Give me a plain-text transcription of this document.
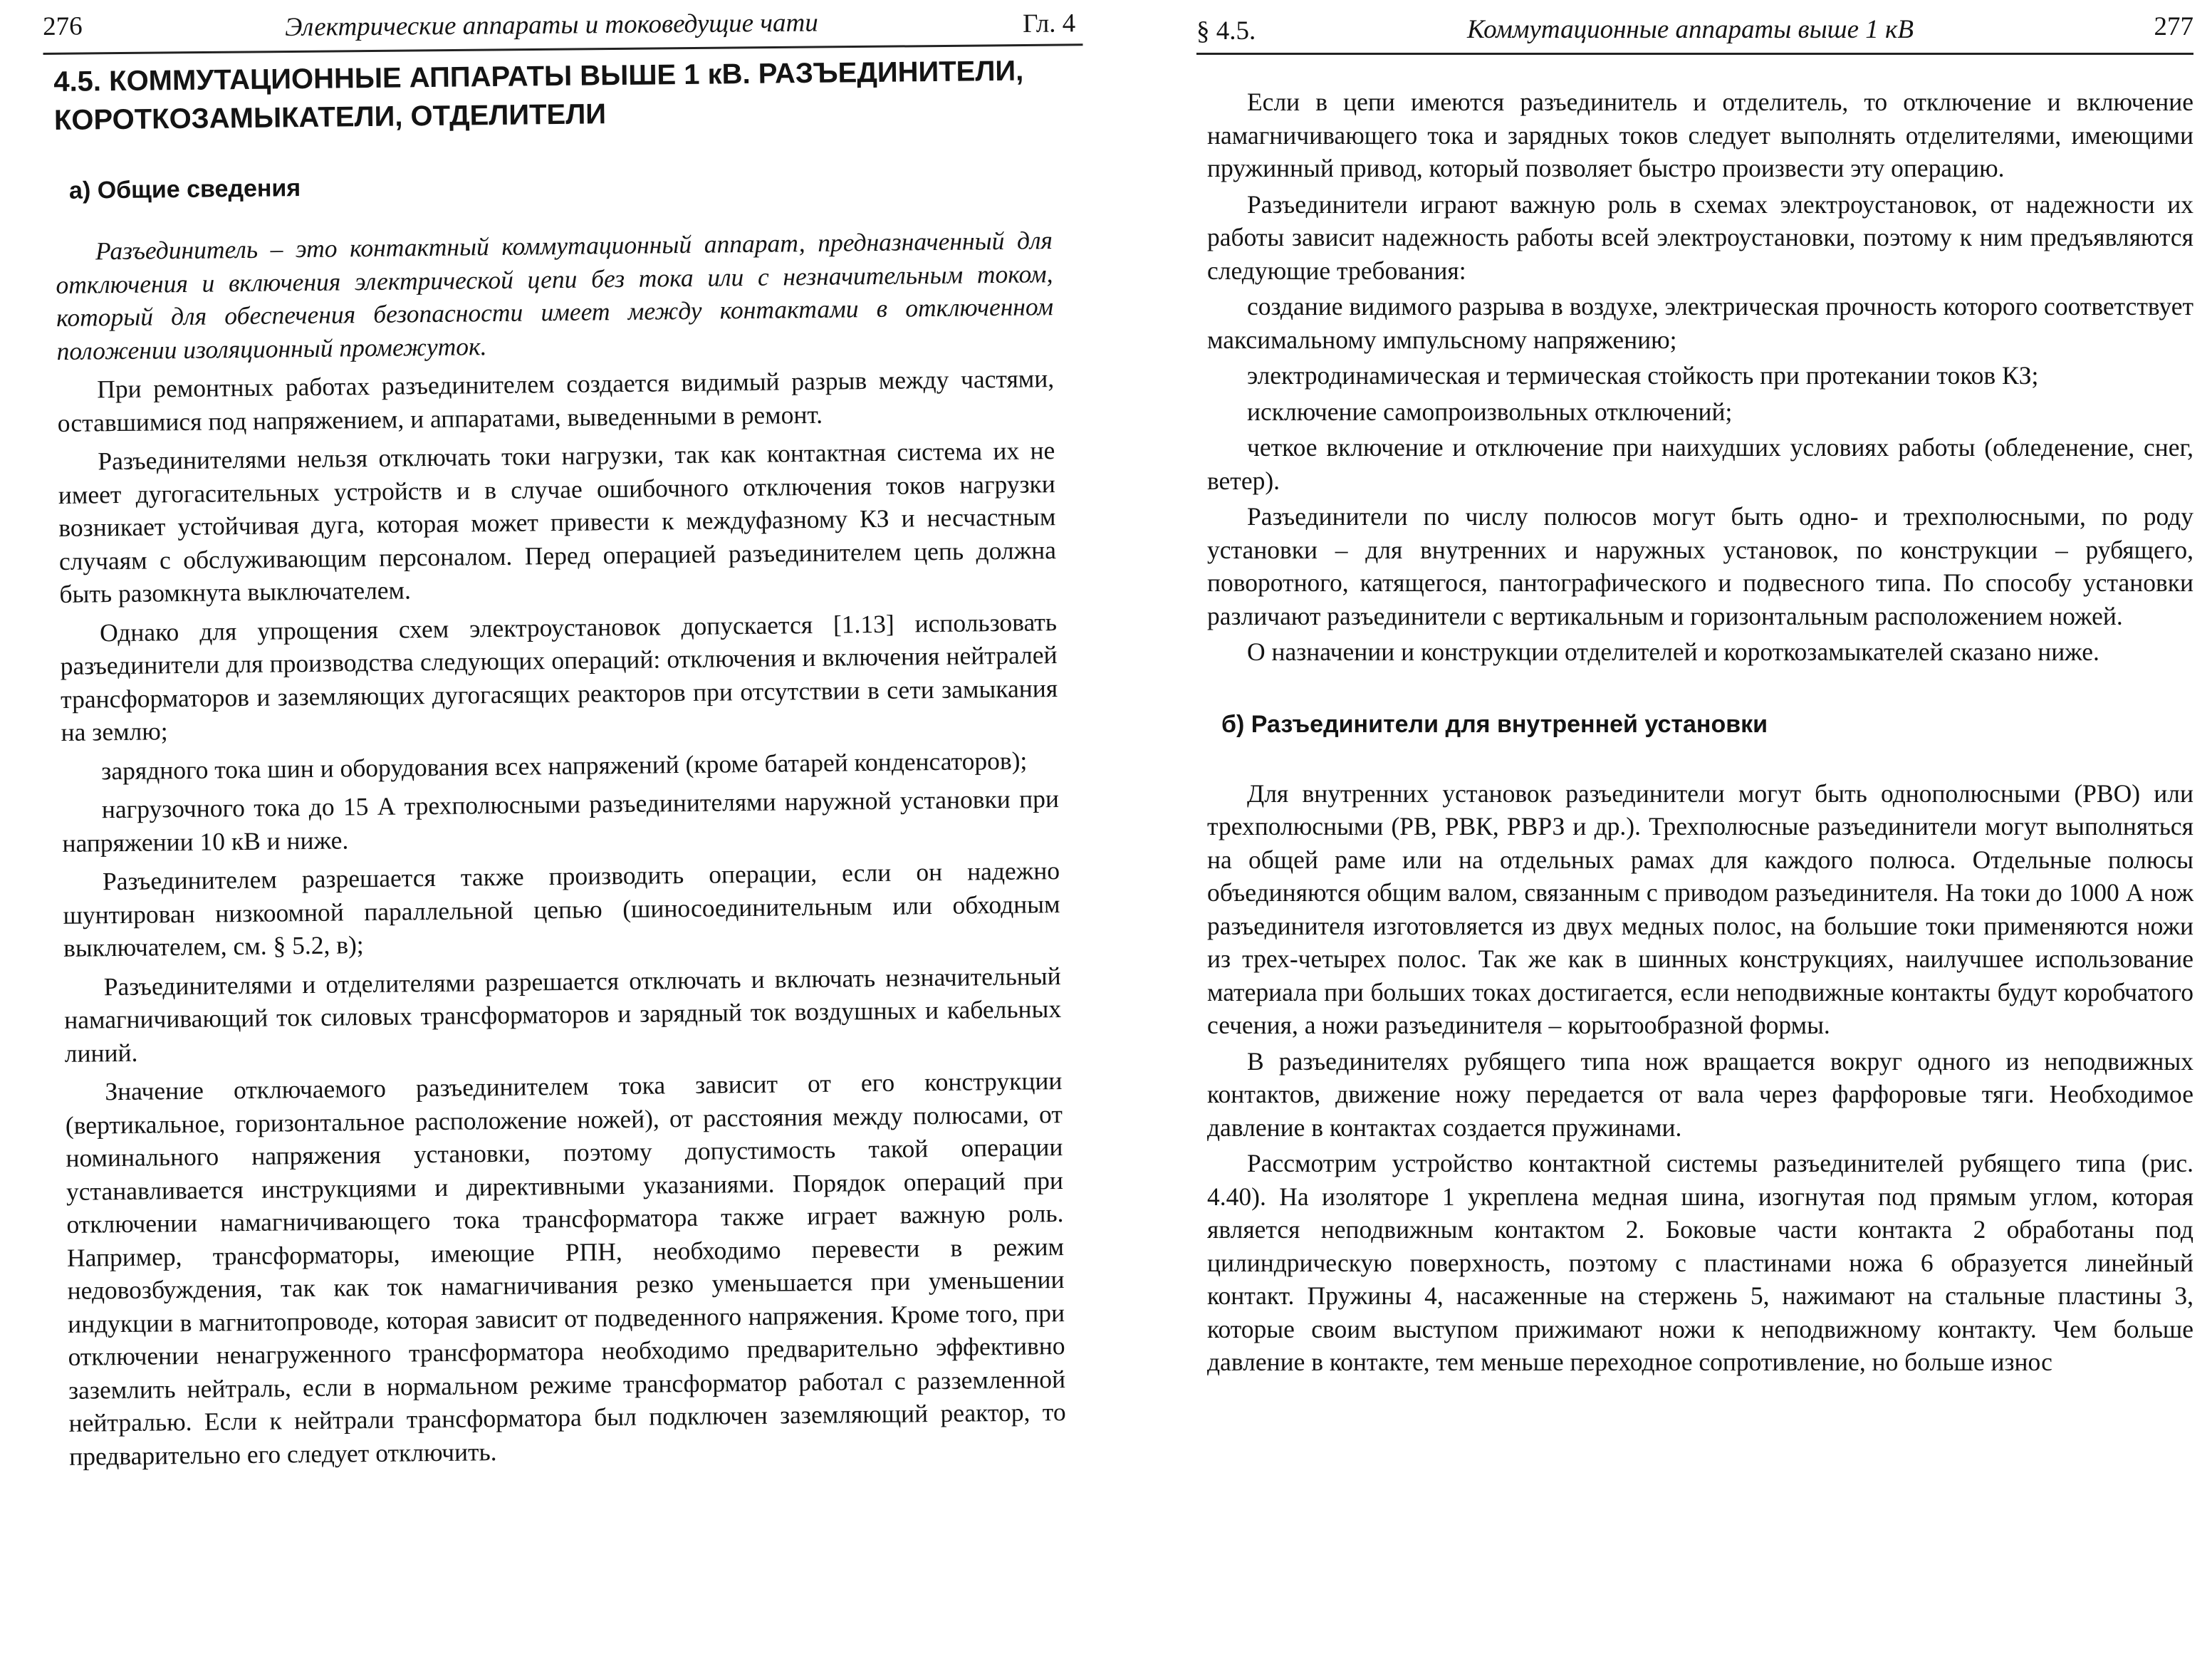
276	Электрические аппараты и токоведущие чати	Гл. 4
4.5. КОММУТАЦИОННЫЕ АППАРАТЫ ВЫШЕ 1 кВ. РАЗЪЕДИНИТЕЛИ, КОРОТКОЗАМЫКАТЕЛИ, ОТДЕЛИТЕЛИ
а) Общие сведения

Разъединитель – это контактный коммутационный аппарат, предназначенный для отключения и включения электрической цепи без тока или с незначительным током, который для обеспечения безопасности имеет между контактами в отключенном положении изоляционный промежуток.

При ремонтных работах разъединителем создается видимый разрыв между частями, оставшимися под напряжением, и аппаратами, выведенными в ремонт.

Разъединителями нельзя отключать токи нагрузки, так как контактная система их не имеет дугогасительных устройств и в случае ошибочного отключения токов нагрузки возникает устойчивая дуга, которая может привести к междуфазному КЗ и несчастным случаям с обслуживающим персоналом. Перед операцией разъединителем цепь должна быть разомкнута выключателем.

Однако для упрощения схем электроустановок допускается [1.13] использовать разъединители для производства следующих операций: отключения и включения нейтралей трансформаторов и заземляющих дугогасящих реакторов при отсутствии в сети замыкания на землю;

зарядного тока шин и оборудования всех напряжений (кроме батарей конденсаторов);

нагрузочного тока до 15 А трехполюсными разъединителями наружной установки при напряжении 10 кВ и ниже.

Разъединителем разрешается также производить операции, если он надежно шунтирован низкоомной параллельной цепью (шиносоединительным или обходным выключателем, см. § 5.2, в);

Разъединителями и отделителями разрешается отключать и включать незначительный намагничивающий ток силовых трансформаторов и зарядный ток воздушных и кабельных линий.

Значение отключаемого разъединителем тока зависит от его конструкции (вертикальное, горизонтальное расположение ножей), от расстояния между полюсами, от номинального напряжения установки, поэтому допустимость такой операции устанавливается инструкциями и директивными указаниями. Порядок операций при отключении намагничивающего тока трансформатора также играет важную роль. Например, трансформаторы, имеющие РПН, необходимо перевести в режим недовозбуждения, так как ток намагничивания резко уменьшается при уменьшении индукции в магнитопроводе, которая зависит от подведенного напряжения. Кроме того, при отключении ненагруженного трансформатора необходимо предварительно эффективно заземлить нейтраль, если в нормальном режиме трансформатор работал с разземленной нейтралью. Если к нейтрали трансформатора был подключен заземляющий реактор, то предварительно его следует отключить.

§ 4.5.	Коммутационные аппараты выше 1 кВ	277

Если в цепи имеются разъединитель и отделитель, то отключение и включение намагничивающего тока и зарядных токов следует выполнять отделителями, имеющими пружинный привод, который позволяет быстро произвести эту операцию.

Разъединители играют важную роль в схемах электроустановок, от надежности их работы зависит надежность работы всей электроустановки, поэтому к ним предъявляются следующие требования:

создание видимого разрыва в воздухе, электрическая прочность которого соответствует максимальному импульсному напряжению;

электродинамическая и термическая стойкость при протекании токов КЗ;

исключение самопроизвольных отключений;

четкое включение и отключение при наихудших условиях работы (обледенение, снег, ветер).

Разъединители по числу полюсов могут быть одно- и трехполюсными, по роду установки – для внутренних и наружных установок, по конструкции – рубящего, поворотного, катящегося, пантографического и подвесного типа. По способу установки различают разъединители с вертикальным и горизонтальным расположением ножей.

О назначении и конструкции отделителей и короткозамыкателей сказано ниже.

б) Разъединители для внутренней установки

Для внутренних установок разъединители могут быть однополюсными (РВО) или трехполюсными (РВ, РВК, РВРЗ и др.). Трехполюсные разъединители могут выполняться на общей раме или на отдельных рамах для каждого полюса. Отдельные полюсы объединяются общим валом, связанным с приводом разъединителя. На токи до 1000 А нож разъединителя изготовляется из двух медных полос, на большие токи применяются ножи из трех-четырех полос. Так же как в шинных конструкциях, наилучшее использование материала при больших токах достигается, если неподвижные контакты будут коробчатого сечения, а ножи разъединителя – корытообразной формы.

В разъединителях рубящего типа нож вращается вокруг одного из неподвижных контактов, движение ножу передается от вала через фарфоровые тяги. Необходимое давление в контактах создается пружинами.

Рассмотрим устройство контактной системы разъединителей рубящего типа (рис. 4.40). На изоляторе 1 укреплена медная шина, изогнутая под прямым углом, которая является неподвижным контактом 2. Боковые части контакта 2 обработаны под цилиндрическую поверхность, поэтому с пластинами ножа 6 образуется линейный контакт. Пружины 4, насаженные на стержень 5, нажимают на стальные пластины 3, которые своим выступом прижимают ножи к неподвижному контакту. Чем больше давление в контакте, тем меньше переходное сопротивление, но больше износ
